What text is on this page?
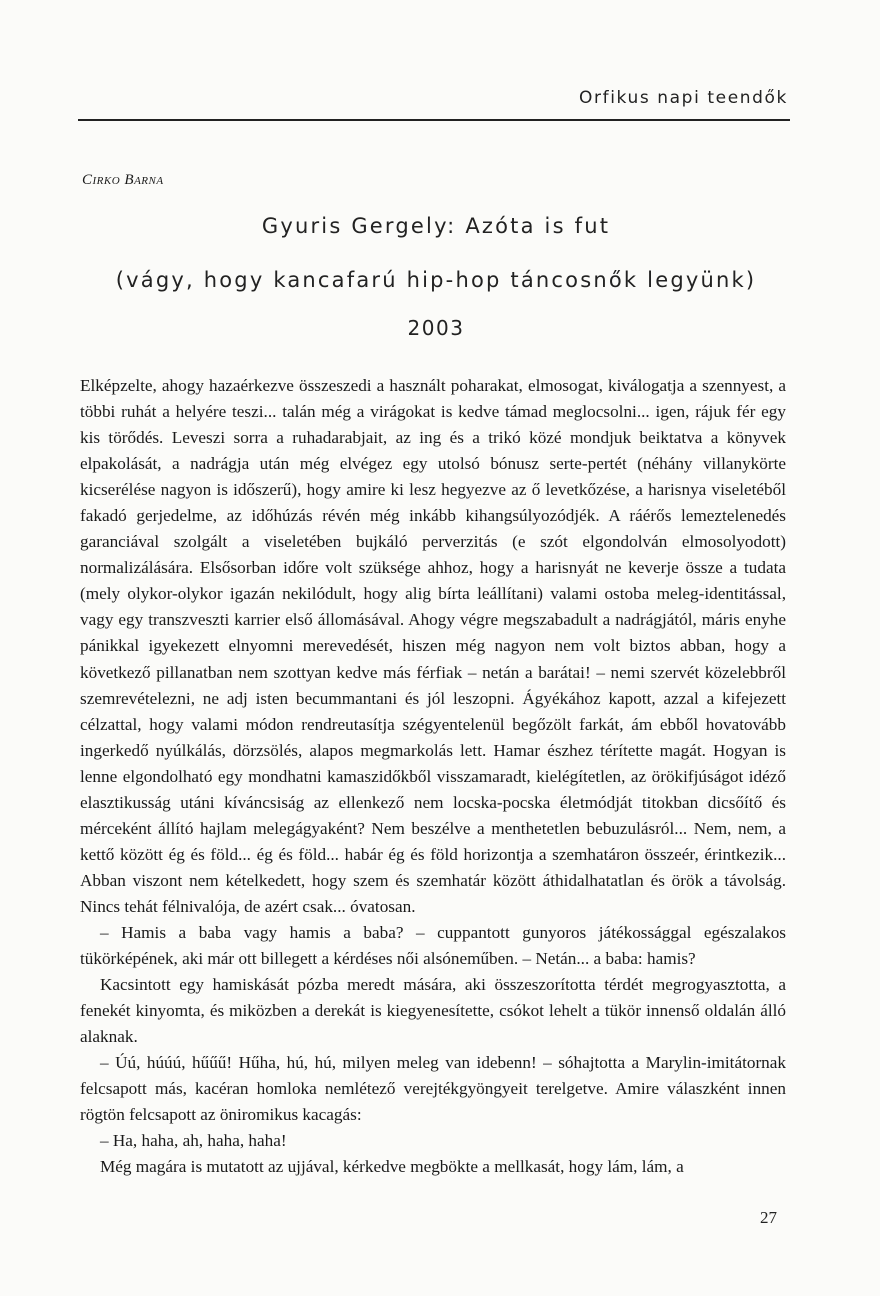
Orfikus napi teendők
Cirko Barna
Gyuris Gergely: Azóta is fut
(vágy, hogy kancafarú hip-hop táncosnők legyünk)
2003

Elképzelte, ahogy hazaérkezve összeszedi a használt poharakat, elmosogat, kiválogatja a szennyest, a többi ruhát a helyére teszi... talán még a virágokat is kedve támad meglocsolni... igen, rájuk fér egy kis törődés. Leveszi sorra a ruhadarabjait, az ing és a trikó közé mondjuk beiktatva a könyvek elpakolását, a nadrágja után még elvégez egy utolsó bónusz serte-pertét (néhány villanykörte kicserélése nagyon is időszerű), hogy amire ki lesz hegyezve az ő levetkőzése, a harisnya viseletéből fakadó gerjedelme, az időhúzás révén még inkább kihangsúlyozódjék. A ráérős lemeztelenedés garanciával szolgált a viseletében bujkáló perverzitás (e szót elgondolván elmosolyodott) normalizálására. Elsősorban időre volt szüksége ahhoz, hogy a harisnyát ne keverje össze a tudata (mely olykor-olykor igazán nekilódult, hogy alig bírta leállítani) valami ostoba meleg-identitással, vagy egy transzveszti karrier első állomásával. Ahogy végre megszabadult a nadrágjától, máris enyhe pánikkal igyekezett elnyomni merevedését, hiszen még nagyon nem volt biztos abban, hogy a következő pillanatban nem szottyan kedve más férfiak – netán a barátai! – nemi szervét közelebbről szemrevételezni, ne adj isten becummantani és jól leszopni. Ágyékához kapott, azzal a kifejezett célzattal, hogy valami módon rendreutasítja szégyentelenül begőzölt farkát, ám ebből hovatovább ingerkedő nyúlkálás, dörzsölés, alapos megmarkolás lett. Hamar észhez térítette magát. Hogyan is lenne elgondolható egy mondhatni kamaszidőkből visszamaradt, kielégítetlen, az örökifjúságot idéző elasztikusság utáni kíváncsiság az ellenkező nem locska-pocska életmódját titokban dicsőítő és mérceként állító hajlam melegágyaként? Nem beszélve a menthetetlen bebuzulásról... Nem, nem, a kettő között ég és föld... ég és föld... habár ég és föld horizontja a szemhatáron összeér, érintkezik... Abban viszont nem kételkedett, hogy szem és szemhatár között áthidalhatatlan és örök a távolság. Nincs tehát félnivalója, de azért csak... óvatosan.

– Hamis a baba vagy hamis a baba? – cuppantott gunyoros játékossággal egészalakos tükörképének, aki már ott billegett a kérdéses női alsóneműben. – Netán... a baba: hamis?

Kacsintott egy hamiskását pózba meredt mására, aki összeszorította térdét megrogyasztotta, a fenekét kinyomta, és miközben a derekát is kiegyenesítette, csókot lehelt a tükör innenső oldalán álló alaknak.

– Úú, húúú, hűűű! Hűha, hú, hú, milyen meleg van idebenn! – sóhajtotta a Marylin-imitátornak felcsapott más, kacéran homloka nemlétező verejtékgyöngyeit terelgetve. Amire válaszként innen rögtön felcsapott az öniromikus kacagás:

– Ha, haha, ah, haha, haha!

Még magára is mutatott az ujjával, kérkedve megbökte a mellkasát, hogy lám, lám, a

27
